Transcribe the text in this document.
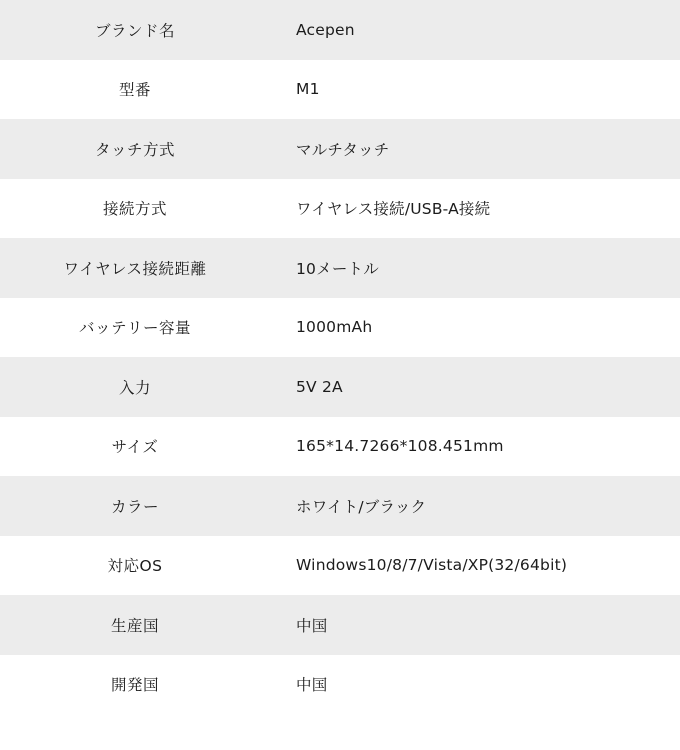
ブランド名	Acepen
型番	M1
タッチ方式	マルチタッチ
接続方式	ワイヤレス接続/USB-A接続
ワイヤレス接続距離	10メートル
バッテリー容量	1000mAh
入力	5V 2A
サイズ	165*14.7266*108.451mm
カラー	ホワイト/ブラック
対応OS	Windows10/8/7/Vista/XP(32/64bit)
生産国	中国
開発国	中国
